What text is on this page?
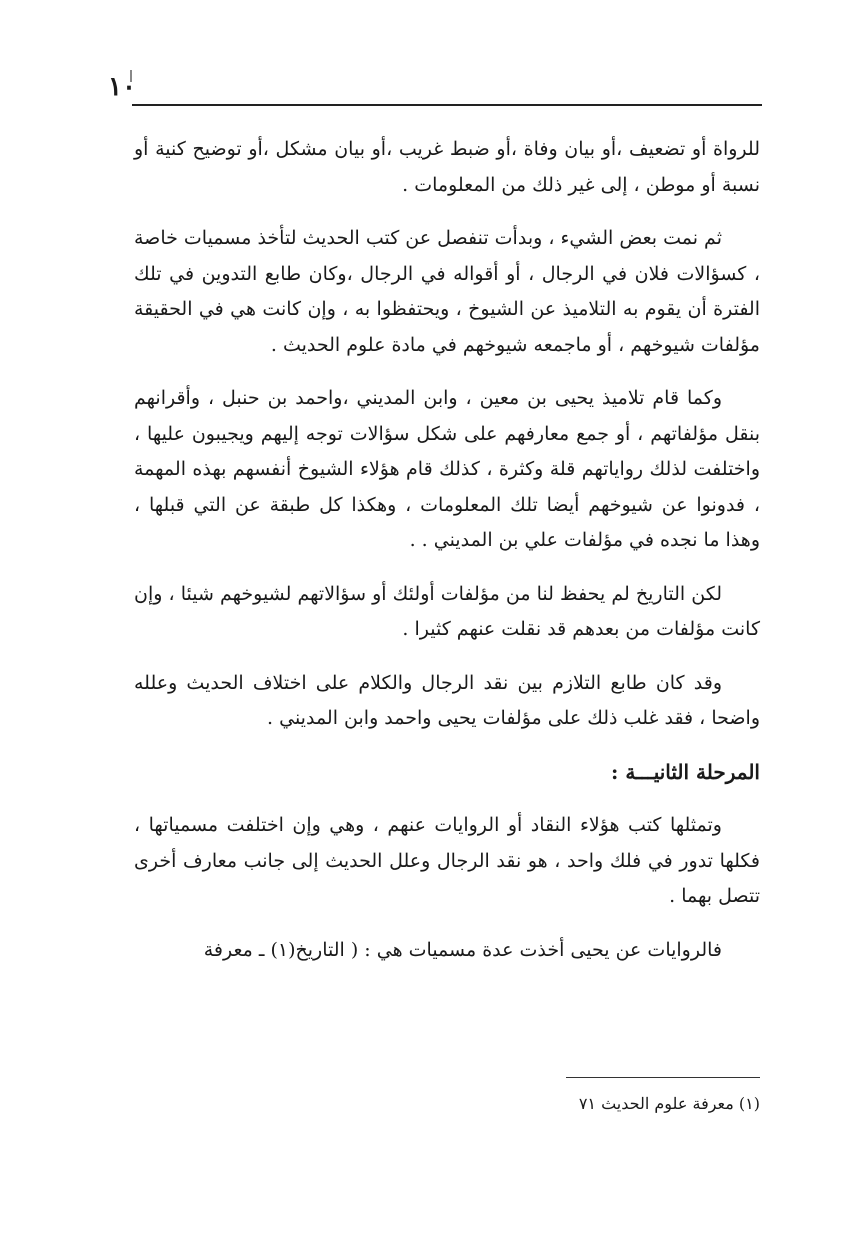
١٠

للرواة أو تضعيف ،أو بيان وفاة ،أو ضبط غريب ،أو بيان مشكل ،أو توضيح كنية أو نسبة أو موطن ، إلى غير ذلك من المعلومات .

ثم نمت بعض الشيء ، وبدأت تنفصل عن كتب الحديث لتأخذ مسميات خاصة ، كسؤالات فلان في الرجال ، أو أقواله في الرجال ،وكان طابع التدوين في تلك الفترة أن يقوم به التلاميذ عن الشيوخ ، ويحتفظوا به ، وإن كانت هي في الحقيقة مؤلفات شيوخهم ، أو ماجمعه شيوخهم في مادة علوم الحديث .

وكما قام تلاميذ يحيى بن معين ، وابن المديني ،واحمد بن حنبل ، وأقرانهم بنقل مؤلفاتهم ، أو جمع معارفهم على شكل سؤالات توجه إليهم ويجيبون عليها ، واختلفت لذلك رواياتهم قلة وكثرة ، كذلك قام هؤلاء الشيوخ أنفسهم بهذه المهمة ، فدونوا عن شيوخهم أيضا تلك المعلومات ، وهكذا كل طبقة عن التي قبلها ، وهذا ما نجده في مؤلفات علي بن المديني . .

لكن التاريخ لم يحفظ لنا من مؤلفات أولئك أو سؤالاتهم لشيوخهم شيئا ، وإن كانت مؤلفات من بعدهم قد نقلت عنهم كثيرا .

وقد كان طابع التلازم بين نقد الرجال والكلام على اختلاف الحديث وعلله واضحا ، فقد غلب ذلك على مؤلفات يحيى واحمد وابن المديني .

المرحلة الثانيـــة :

وتمثلها كتب هؤلاء النقاد أو الروايات عنهم ، وهي وإن اختلفت مسمياتها ، فكلها تدور في فلك واحد ، هو نقد الرجال وعلل الحديث إلى جانب معارف أخرى تتصل بهما .

فالروايات عن يحيى أخذت عدة مسميات هي : ( التاريخ(١) ـ معرفة

(١) معرفة علوم الحديث ٧١
